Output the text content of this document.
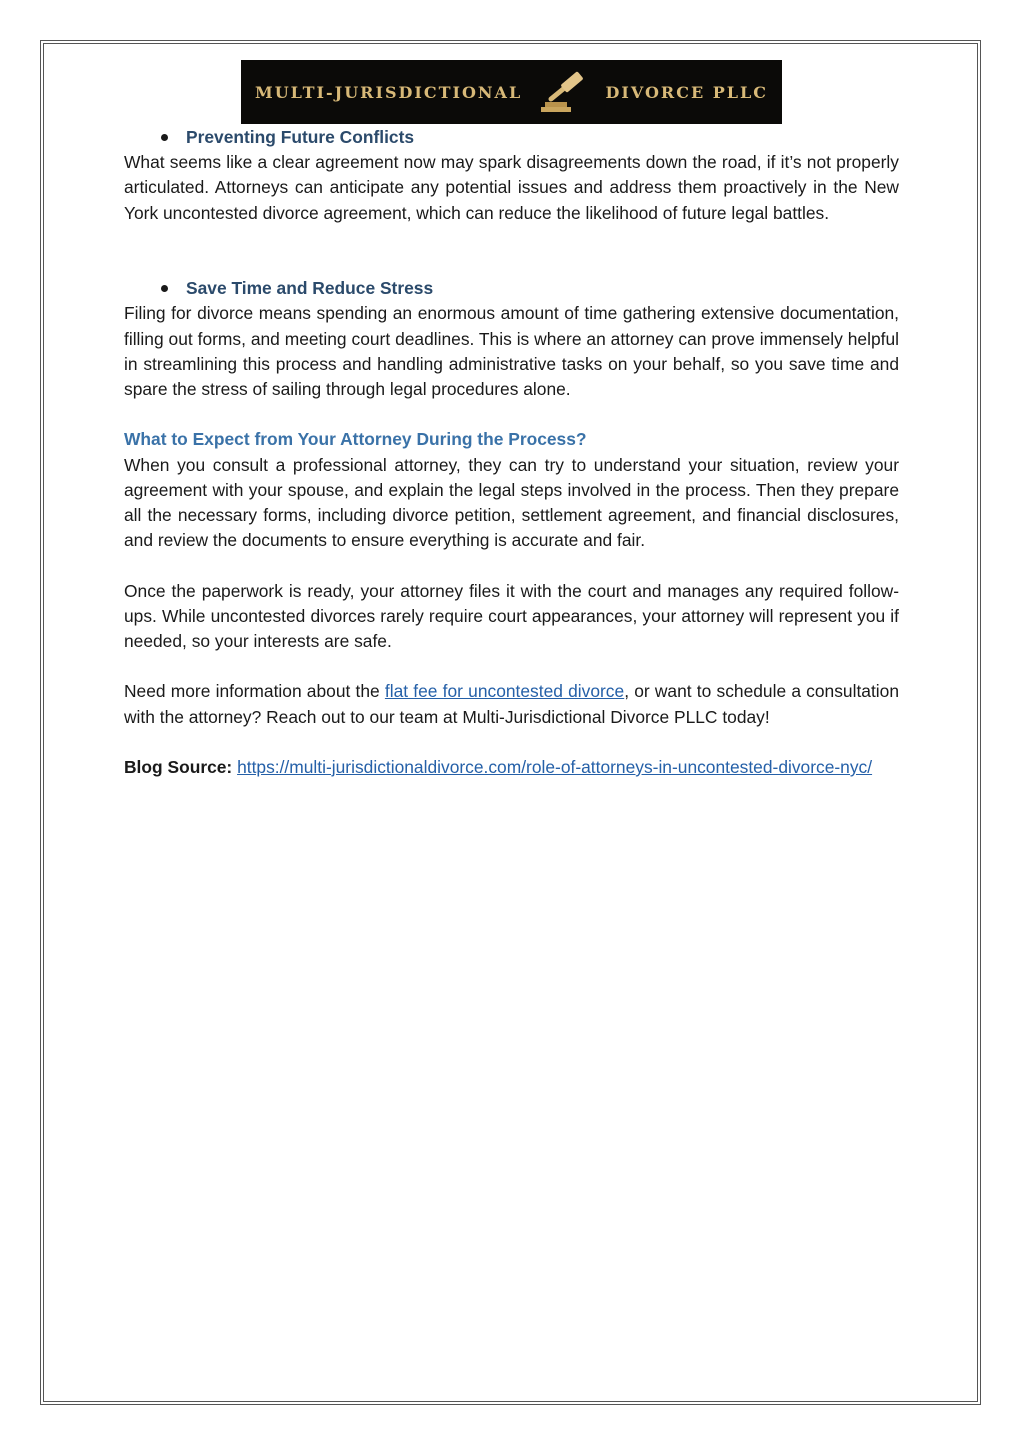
MULTI-JURISDICTIONAL	DIVORCE PLLC
Preventing Future Conflicts

What seems like a clear agreement now may spark disagreements down the road, if it’s not properly articulated. Attorneys can anticipate any potential issues and address them proactively in the New York uncontested divorce agreement, which can reduce the likelihood of future legal battles.

Save Time and Reduce Stress

Filing for divorce means spending an enormous amount of time gathering extensive documentation, filling out forms, and meeting court deadlines. This is where an attorney can prove immensely helpful in streamlining this process and handling administrative tasks on your behalf, so you save time and spare the stress of sailing through legal procedures alone.

What to Expect from Your Attorney During the Process?

When you consult a professional attorney, they can try to understand your situation, review your agreement with your spouse, and explain the legal steps involved in the process. Then they prepare all the necessary forms, including divorce petition, settlement agreement, and financial disclosures, and review the documents to ensure everything is accurate and fair.

Once the paperwork is ready, your attorney files it with the court and manages any required follow-ups. While uncontested divorces rarely require court appearances, your attorney will represent you if needed, so your interests are safe.

Need more information about the flat fee for uncontested divorce, or want to schedule a consultation with the attorney? Reach out to our team at Multi-Jurisdictional Divorce PLLC today!

Blog Source: https://multi-jurisdictionaldivorce.com/role-of-attorneys-in-uncontested-divorce-nyc/
